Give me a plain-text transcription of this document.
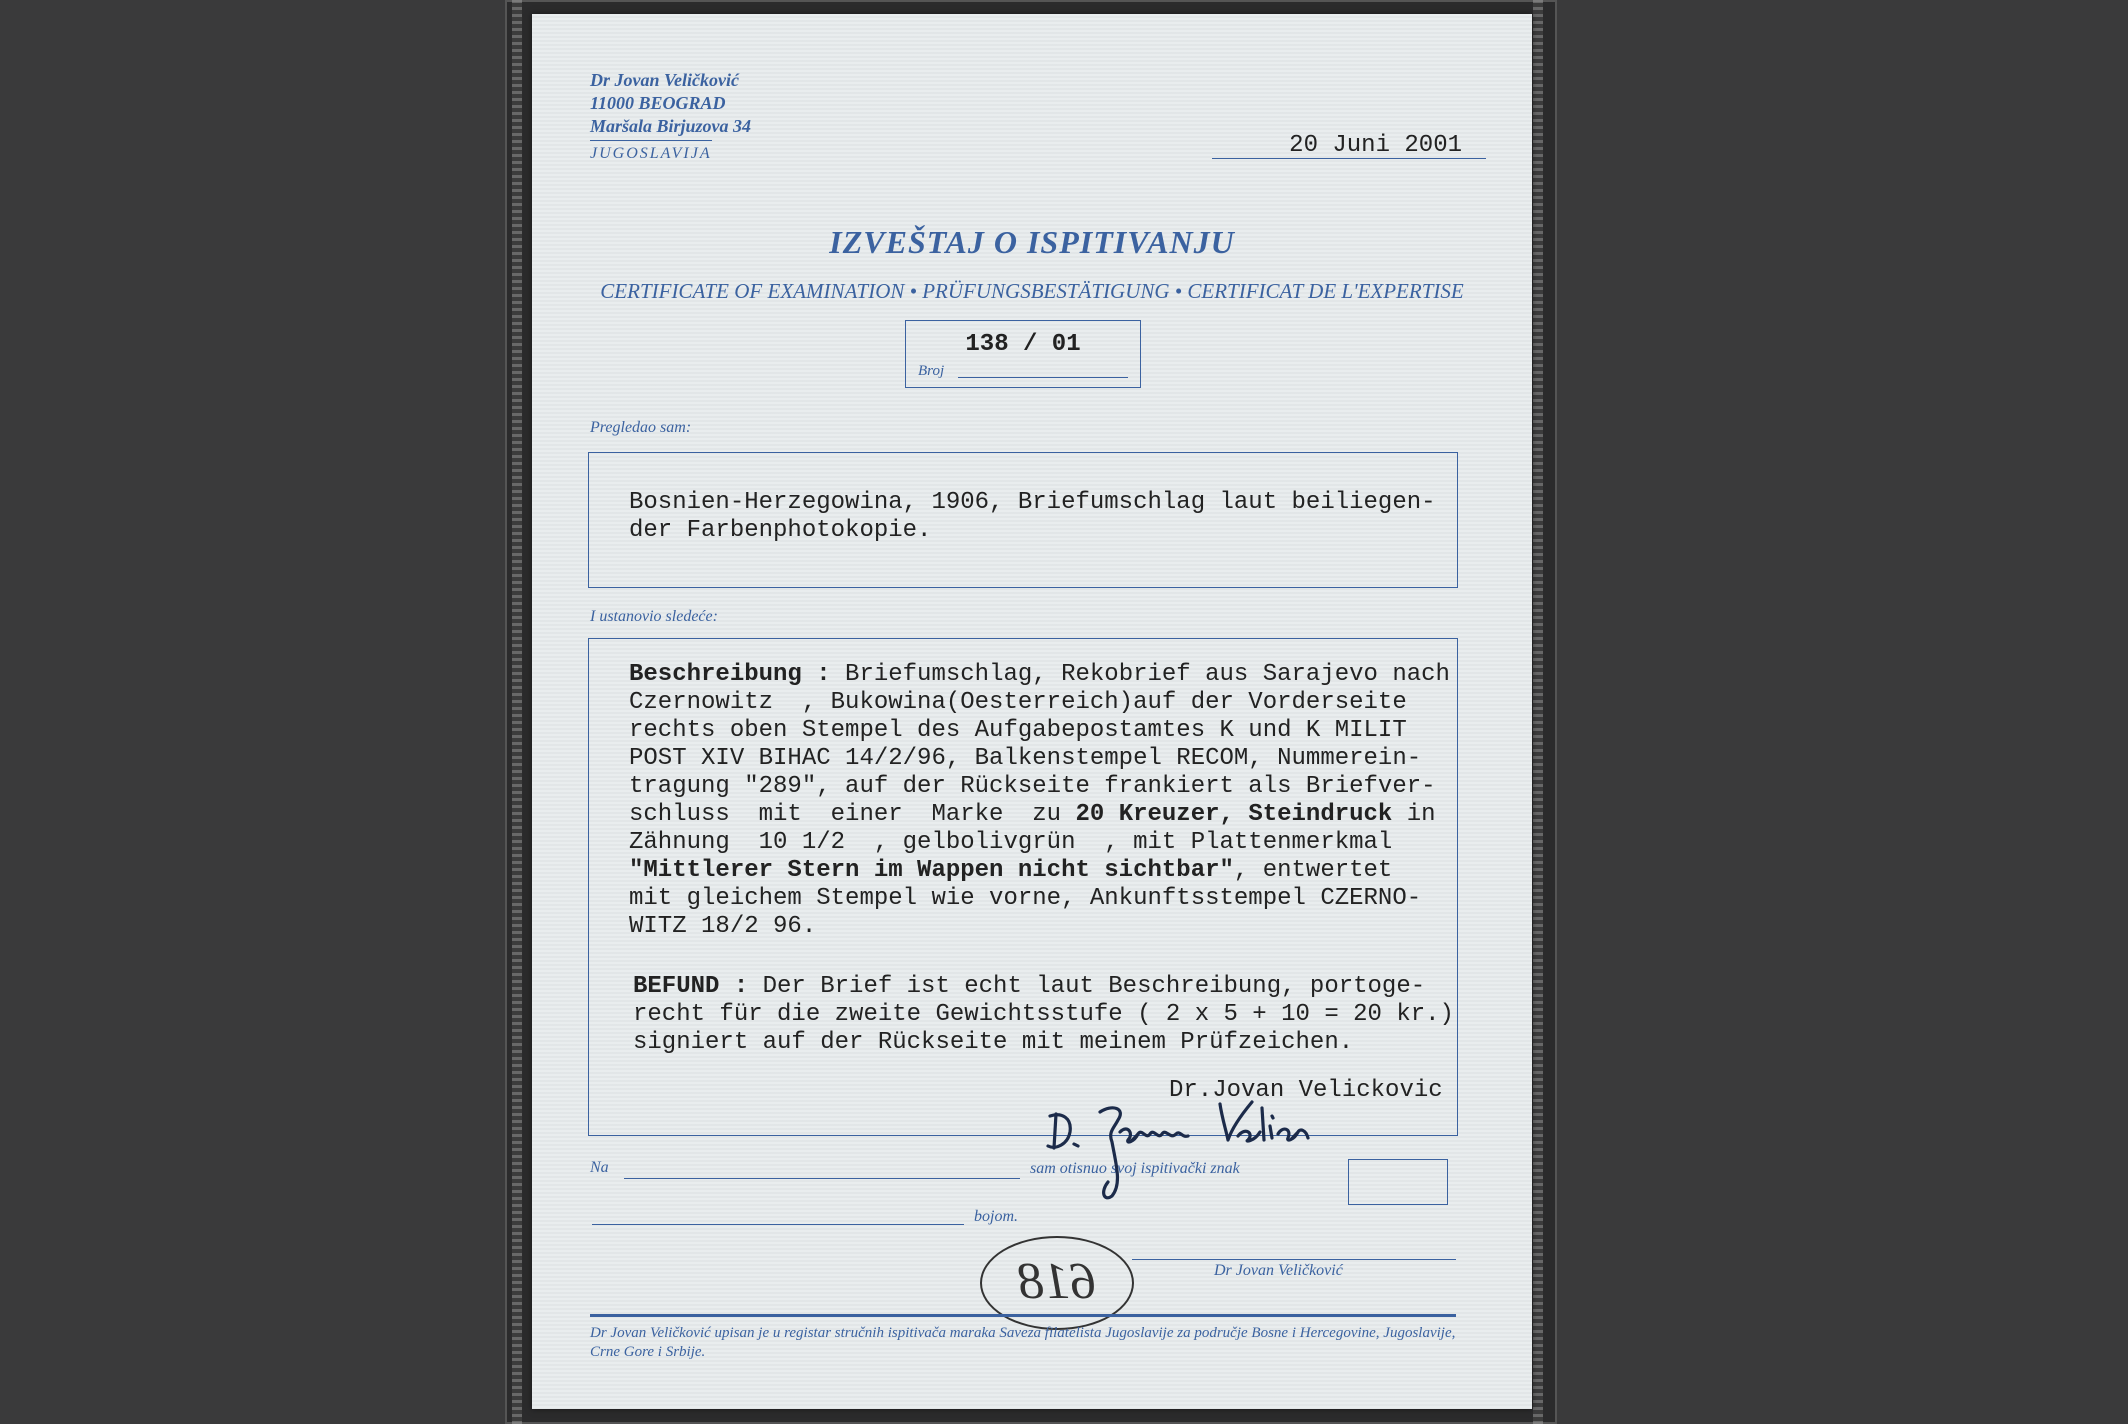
Dr Jovan Veličković
11000 BEOGRAD
Maršala Birjuzova 34
JUGOSLAVIJA	20 Juni 2001
IZVEŠTAJ O ISPITIVANJU
CERTIFICATE OF EXAMINATION • PRÜFUNGSBESTÄTIGUNG • CERTIFICAT DE L'EXPERTISE
138 / 01
Broj
Pregledao sam:
Bosnien-Herzegowina, 1906, Briefumschlag laut beiliegen-
der Farbenphotokopie.
I ustanovio sledeće:
Beschreibung : Briefumschlag, Rekobrief aus Sarajevo nach
Czernowitz  , Bukowina(Oesterreich)auf der Vorderseite
rechts oben Stempel des Aufgabepostamtes K und K MILIT
POST XIV BIHAC 14/2/96, Balkenstempel RECOM, Nummerein-
tragung "289", auf der Rückseite frankiert als Briefver-
schluss  mit  einer  Marke  zu 20 Kreuzer, Steindruck in
Zähnung  10 1/2  , gelbolivgrün  , mit Plattenmerkmal
"Mittlerer Stern im Wappen nicht sichtbar", entwertet
mit gleichem Stempel wie vorne, Ankunftsstempel CZERNO-
WITZ 18/2 96.
BEFUND : Der Brief ist echt laut Beschreibung, portoge-
recht für die zweite Gewichtsstufe ( 2 x 5 + 10 = 20 kr.)
signiert auf der Rückseite mit meinem Prüfzeichen.
Dr.Jovan Velickovic
Na	sam otisnuo svoj ispitivački znak
bojom.
Dr Jovan Veličković
618
Dr Jovan Veličković upisan je u registar stručnih ispitivača maraka Saveza filatelista Jugoslavije za područje Bosne i Hercegovine, Jugoslavije, Crne Gore i Srbije.
